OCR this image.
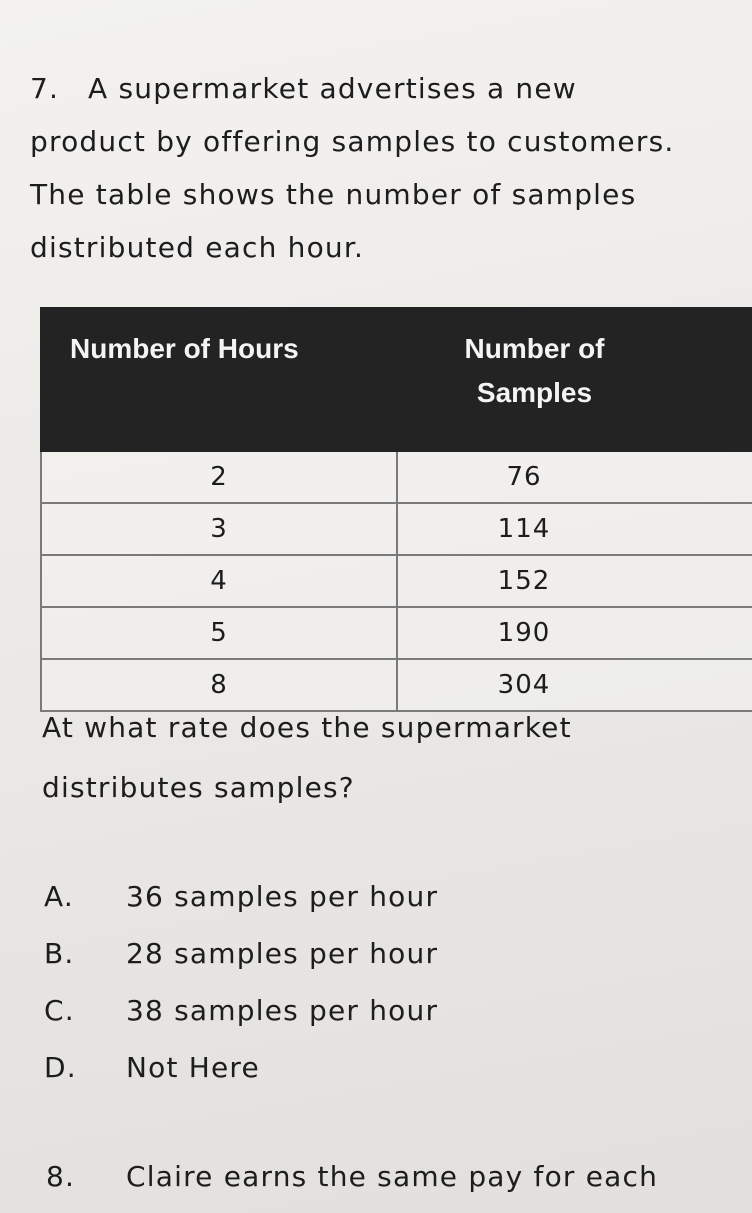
7. A supermarket advertises a new
product by offering samples to customers.
The table shows the number of samples
distributed each hour.
Number of Hours	Number of
Samples
2	76
3	114
4	152
5	190
8	304
At what rate does the supermarket
distributes samples?
A. 36 samples per hour
B. 28 samples per hour
C. 38 samples per hour
D. Not Here
8. Claire earns the same pay for each
